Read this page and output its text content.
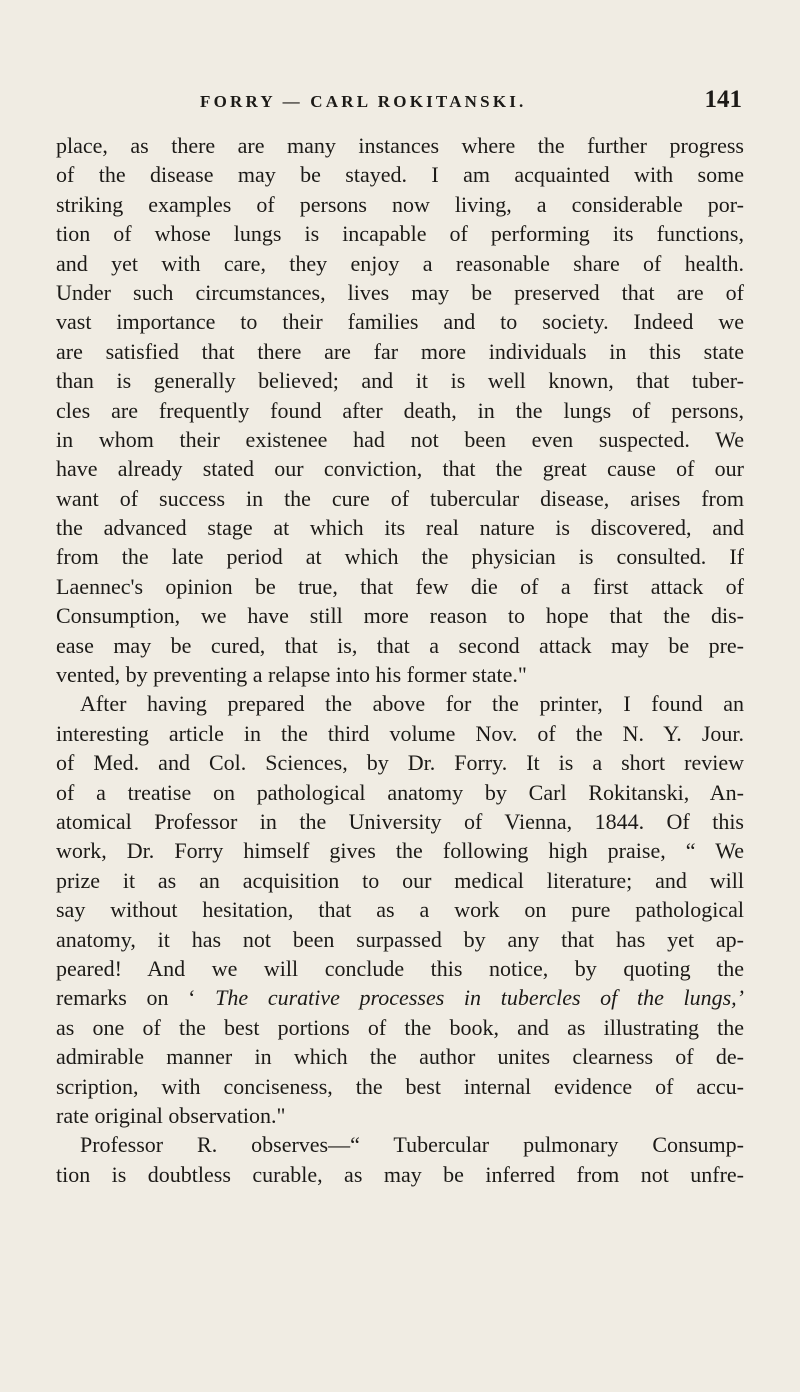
FORRY — CARL ROKITANSKI.	141
place, as there are many instances where the further progress
of the disease may be stayed. I am acquainted with some
striking examples of persons now living, a considerable por-
tion of whose lungs is incapable of performing its functions,
and yet with care, they enjoy a reasonable share of health.
Under such circumstances, lives may be preserved that are of
vast importance to their families and to society. Indeed we
are satisfied that there are far more individuals in this state
than is generally believed; and it is well known, that tuber-
cles are frequently found after death, in the lungs of persons,
in whom their existenee had not been even suspected. We
have already stated our conviction, that the great cause of our
want of success in the cure of tubercular disease, arises from
the advanced stage at which its real nature is discovered, and
from the late period at which the physician is consulted. If
Laennec's opinion be true, that few die of a first attack of
Consumption, we have still more reason to hope that the dis-
ease may be cured, that is, that a second attack may be pre-
vented, by preventing a relapse into his former state."
After having prepared the above for the printer, I found an
interesting article in the third volume Nov. of the N. Y. Jour.
of Med. and Col. Sciences, by Dr. Forry. It is a short review
of a treatise on pathological anatomy by Carl Rokitanski, An-
atomical Professor in the University of Vienna, 1844. Of this
work, Dr. Forry himself gives the following high praise, “ We
prize it as an acquisition to our medical literature; and will
say without hesitation, that as a work on pure pathological
anatomy, it has not been surpassed by any that has yet ap-
peared! And we will conclude this notice, by quoting the
remarks on ‘ The curative processes in tubercles of the lungs,’
as one of the best portions of the book, and as illustrating the
admirable manner in which the author unites clearness of de-
scription, with conciseness, the best internal evidence of accu-
rate original observation."
Professor R. observes—“ Tubercular pulmonary Consump-
tion is doubtless curable, as may be inferred from not unfre-
